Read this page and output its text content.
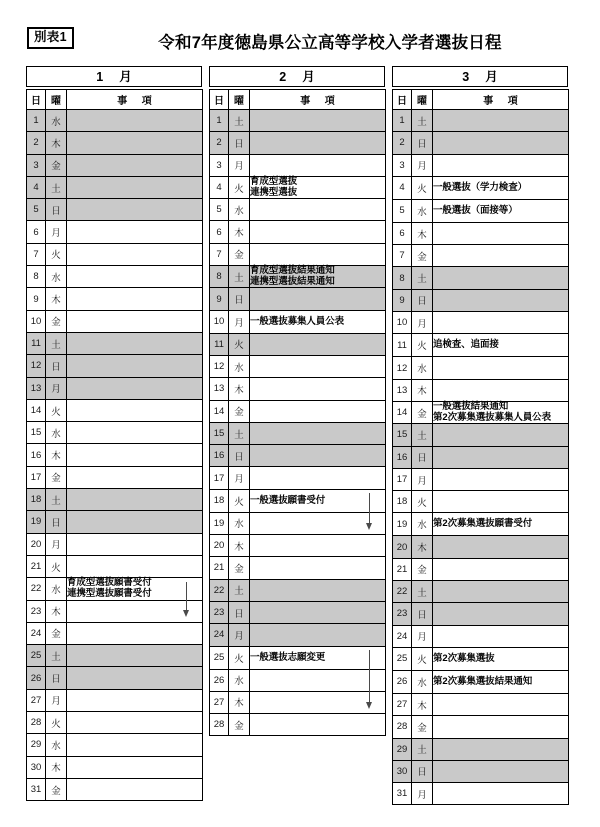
別表1	令和7年度徳島県公立高等学校入学者選抜日程
1 月
日	曜	事 項
1	水	
2	木	
3	金	
4	土	
5	日	
6	月	
7	火	
8	水	
9	木	
10	金	
11	土	
12	日	
13	月	
14	火	
15	水	
16	木	
17	金	
18	土	
19	日	
20	月	
21	火	
22	水	育成型選抜願書受付
連携型選抜願書受付

23	木	
24	金	
25	土	
26	日	
27	月	
28	火	
29	水	
30	木	
31	金	
2 月
日	曜	事 項
1	土	
2	日	
3	月	
4	火	育成型選抜
連携型選抜

5	水	
6	木	
7	金	
8	土	育成型選抜結果通知
連携型選抜結果通知

9	日	
10	月	一般選抜募集人員公表

11	火	
12	水	
13	木	
14	金	
15	土	
16	日	
17	月	
18	火	一般選抜願書受付

19	水	
20	木	
21	金	
22	土	
23	日	
24	月	
25	火	一般選抜志願変更

26	水	
27	木	
28	金	
3 月
日	曜	事 項
1	土	
2	日	
3	月	
4	火	一般選抜（学力検査）

5	水	一般選抜（面接等）

6	木	
7	金	
8	土	
9	日	
10	月	
11	火	追検査、追面接

12	水	
13	木	
14	金	一般選抜結果通知
第2次募集選抜募集人員公表

15	土	
16	日	
17	月	
18	火	
19	水	第2次募集選抜願書受付

20	木	
21	金	
22	土	
23	日	
24	月	
25	火	第2次募集選抜

26	水	第2次募集選抜結果通知

27	木	
28	金	
29	土	
30	日	
31	月	
